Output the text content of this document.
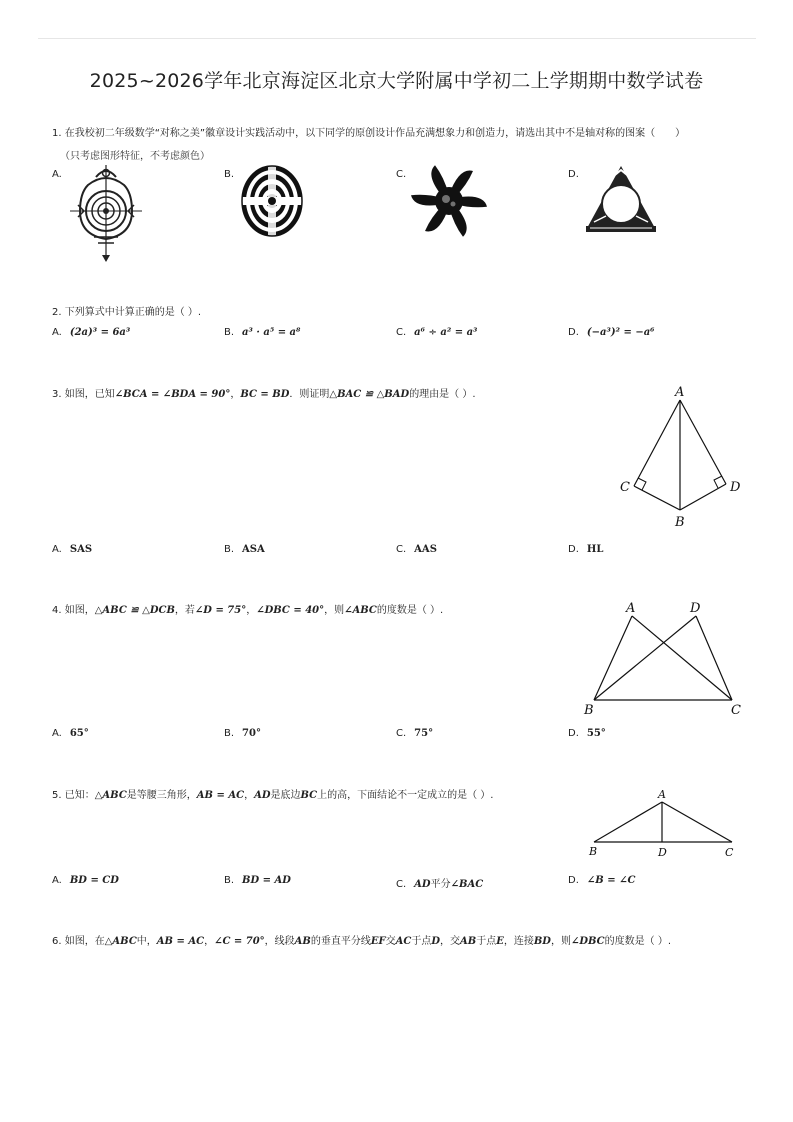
2025~2026学年北京海淀区北京大学附属中学初二上学期期中数学试卷
1. 在我校初二年级数学“对称之美”徽章设计实践活动中，以下同学的原创设计作品充满想象力和创造力，请选出其中不是轴对称的图案（　　）
（只考虑图形特征，不考虑颜色）
A.	B.	C.	D.
2. 下列算式中计算正确的是（ ）.
A. (2a)³ = 6a³	B. a³ · a⁵ = a⁸	C. a⁶ ÷ a² = a³	D. (−a³)² = −a⁶
3. 如图，已知∠BCA = ∠BDA = 90°，BC = BD．则证明△BAC ≌ △BAD的理由是（ ）.	A
C	D
B
A. SAS	B. ASA	C. AAS	D. HL
4. 如图，△ABC ≌ △DCB，若∠D = 75°，∠DBC = 40°，则∠ABC的度数是（ ）.	A	D
B	C
A. 65°	B. 70°	C. 75°	D. 55°
5. 已知：△ABC是等腰三角形，AB = AC，AD是底边BC上的高，下面结论不一定成立的是（ ）.	A
B	D	C
A. BD = CD	B. BD = AD	C. AD平分∠BAC	D. ∠B = ∠C
6. 如图，在△ABC中，AB = AC，∠C = 70°，线段AB的垂直平分线EF交AC于点D，交AB于点E，连接BD，则∠DBC的度数是（ ）.
